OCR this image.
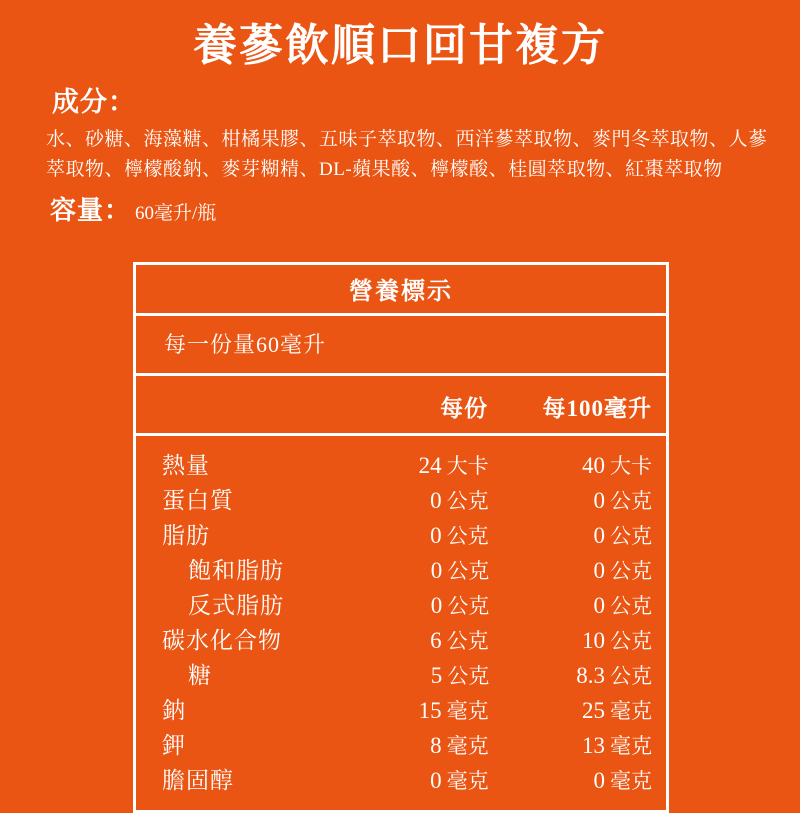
養蔘飲順口回甘複方
成分：
水、砂糖、海藻糖、柑橘果膠、五味子萃取物、西洋蔘萃取物、麥門冬萃取物、人蔘萃取物、檸檬酸鈉、麥芽糊精、DL-蘋果酸、檸檬酸、桂圓萃取物、紅棗萃取物
容量： 60毫升/瓶
營養標示
每一份量60毫升
每份	每100毫升
熱量	24 大卡	40 大卡
蛋白質	0 公克	0 公克
脂肪	0 公克	0 公克
飽和脂肪	0 公克	0 公克
反式脂肪	0 公克	0 公克
碳水化合物	6 公克	10 公克
糖	5 公克	8.3 公克
鈉	15 毫克	25 毫克
鉀	8 毫克	13 毫克
膽固醇	0 毫克	0 毫克
